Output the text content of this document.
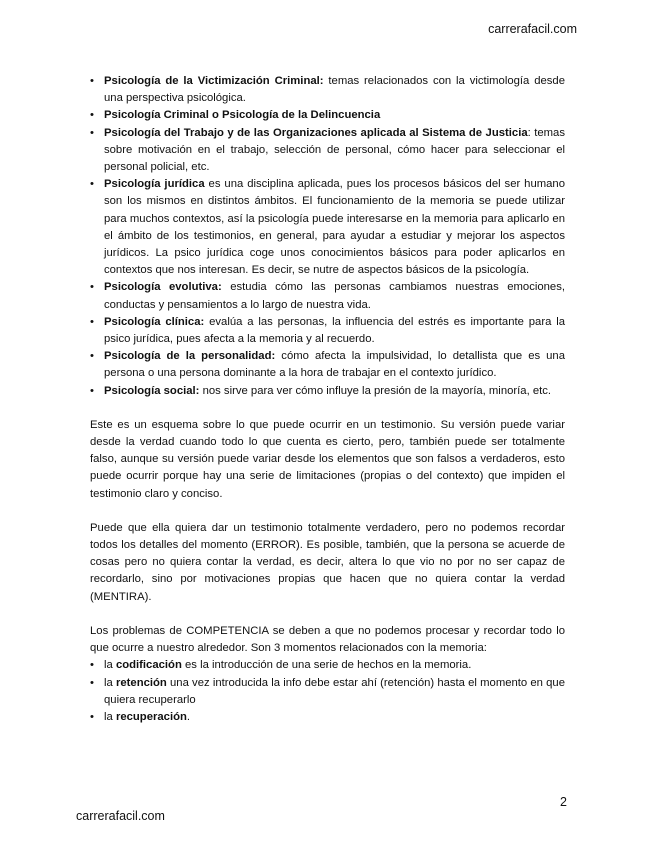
carrerafacil.com
• Psicología de la Victimización Criminal: temas relacionados con la victimología desde una perspectiva psicológica.
• Psicología Criminal o Psicología de la Delincuencia
• Psicología del Trabajo y de las Organizaciones aplicada al Sistema de Justicia: temas sobre motivación en el trabajo, selección de personal, cómo hacer para seleccionar el personal policial, etc.
• Psicología jurídica es una disciplina aplicada, pues los procesos básicos del ser humano son los mismos en distintos ámbitos. El funcionamiento de la memoria se puede utilizar para muchos contextos, así la psicología puede interesarse en la memoria para aplicarlo en el ámbito de los testimonios, en general, para ayudar a estudiar y mejorar los aspectos jurídicos. La psico jurídica coge unos conocimientos básicos para poder aplicarlos en contextos que nos interesan. Es decir, se nutre de aspectos básicos de la psicología.
• Psicología evolutiva: estudia cómo las personas cambiamos nuestras emociones, conductas y pensamientos a lo largo de nuestra vida.
• Psicología clínica: evalúa a las personas, la influencia del estrés es importante para la psico jurídica, pues afecta a la memoria y al recuerdo.
• Psicología de la personalidad: cómo afecta la impulsividad, lo detallista que es una persona o una persona dominante a la hora de trabajar en el contexto jurídico.
• Psicología social: nos sirve para ver cómo influye la presión de la mayoría, minoría, etc.

Este es un esquema sobre lo que puede ocurrir en un testimonio. Su versión puede variar desde la verdad cuando todo lo que cuenta es cierto, pero, también puede ser totalmente falso, aunque su versión puede variar desde los elementos que son falsos a verdaderos, esto puede ocurrir porque hay una serie de limitaciones (propias o del contexto) que impiden el testimonio claro y conciso.

Puede que ella quiera dar un testimonio totalmente verdadero, pero no podemos recordar todos los detalles del momento (ERROR). Es posible, también, que la persona se acuerde de cosas pero no quiera contar la verdad, es decir, altera lo que vio no por no ser capaz de recordarlo, sino por motivaciones propias que hacen que no quiera contar la verdad (MENTIRA).

Los problemas de COMPETENCIA se deben a que no podemos procesar y recordar todo lo que ocurre a nuestro alrededor. Son 3 momentos relacionados con la memoria:

• la codificación es la introducción de una serie de hechos en la memoria.
• la retención una vez introducida la info debe estar ahí (retención) hasta el momento en que quiera recuperarlo
• la recuperación.
2
carrerafacil.com
